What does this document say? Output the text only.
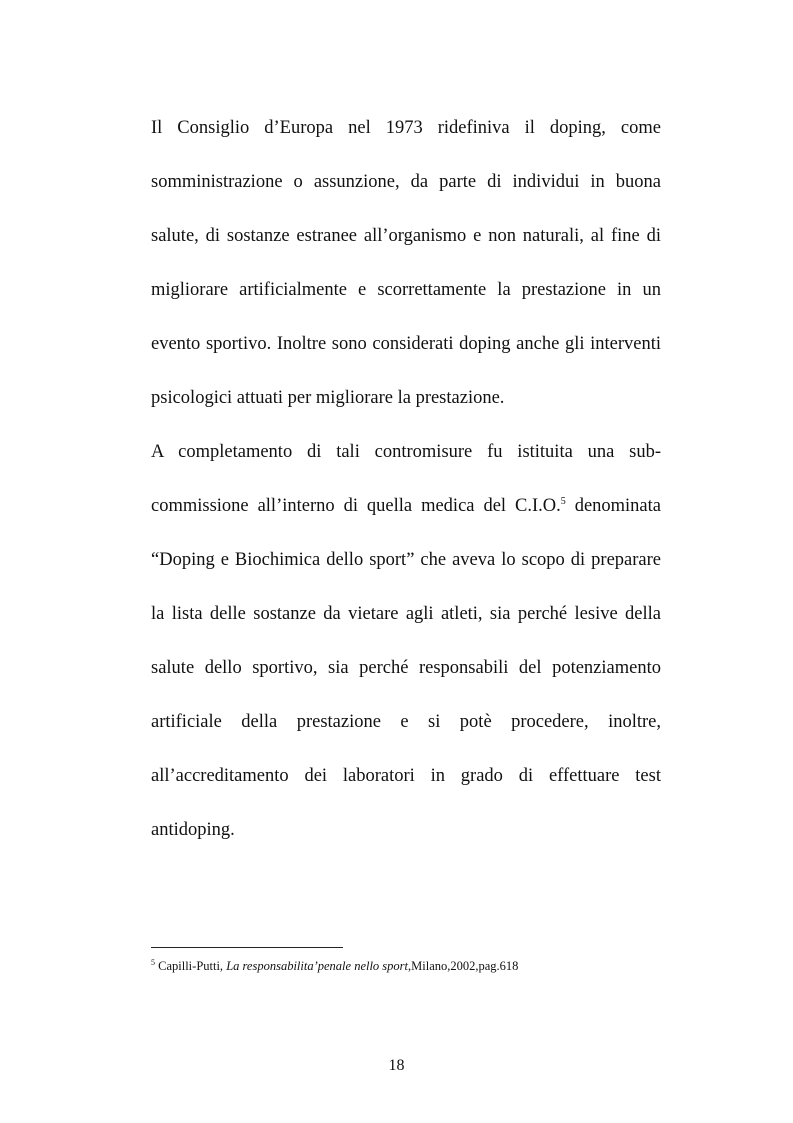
Il Consiglio d’Europa nel 1973 ridefiniva il doping, come

somministrazione o assunzione, da parte di individui in buona

salute, di sostanze estranee all’organismo e non naturali, al fine di

migliorare artificialmente e scorrettamente la prestazione in un

evento sportivo. Inoltre sono considerati doping anche gli interventi

psicologici attuati per migliorare la prestazione.

A completamento di tali contromisure fu istituita una sub-

commissione all’interno di quella medica del C.I.O.$^5$ denominata

“Doping e Biochimica dello sport” che aveva lo scopo di preparare

la lista delle sostanze da vietare agli atleti, sia perché lesive della

salute dello sportivo, sia perché responsabili del potenziamento

artificiale della prestazione e si potè procedere, inoltre,

all’accreditamento dei laboratori in grado di effettuare test

antidoping.

$^5$ Capilli-Putti, La responsabilita’penale nello sport,Milano,2002,pag.618
18
